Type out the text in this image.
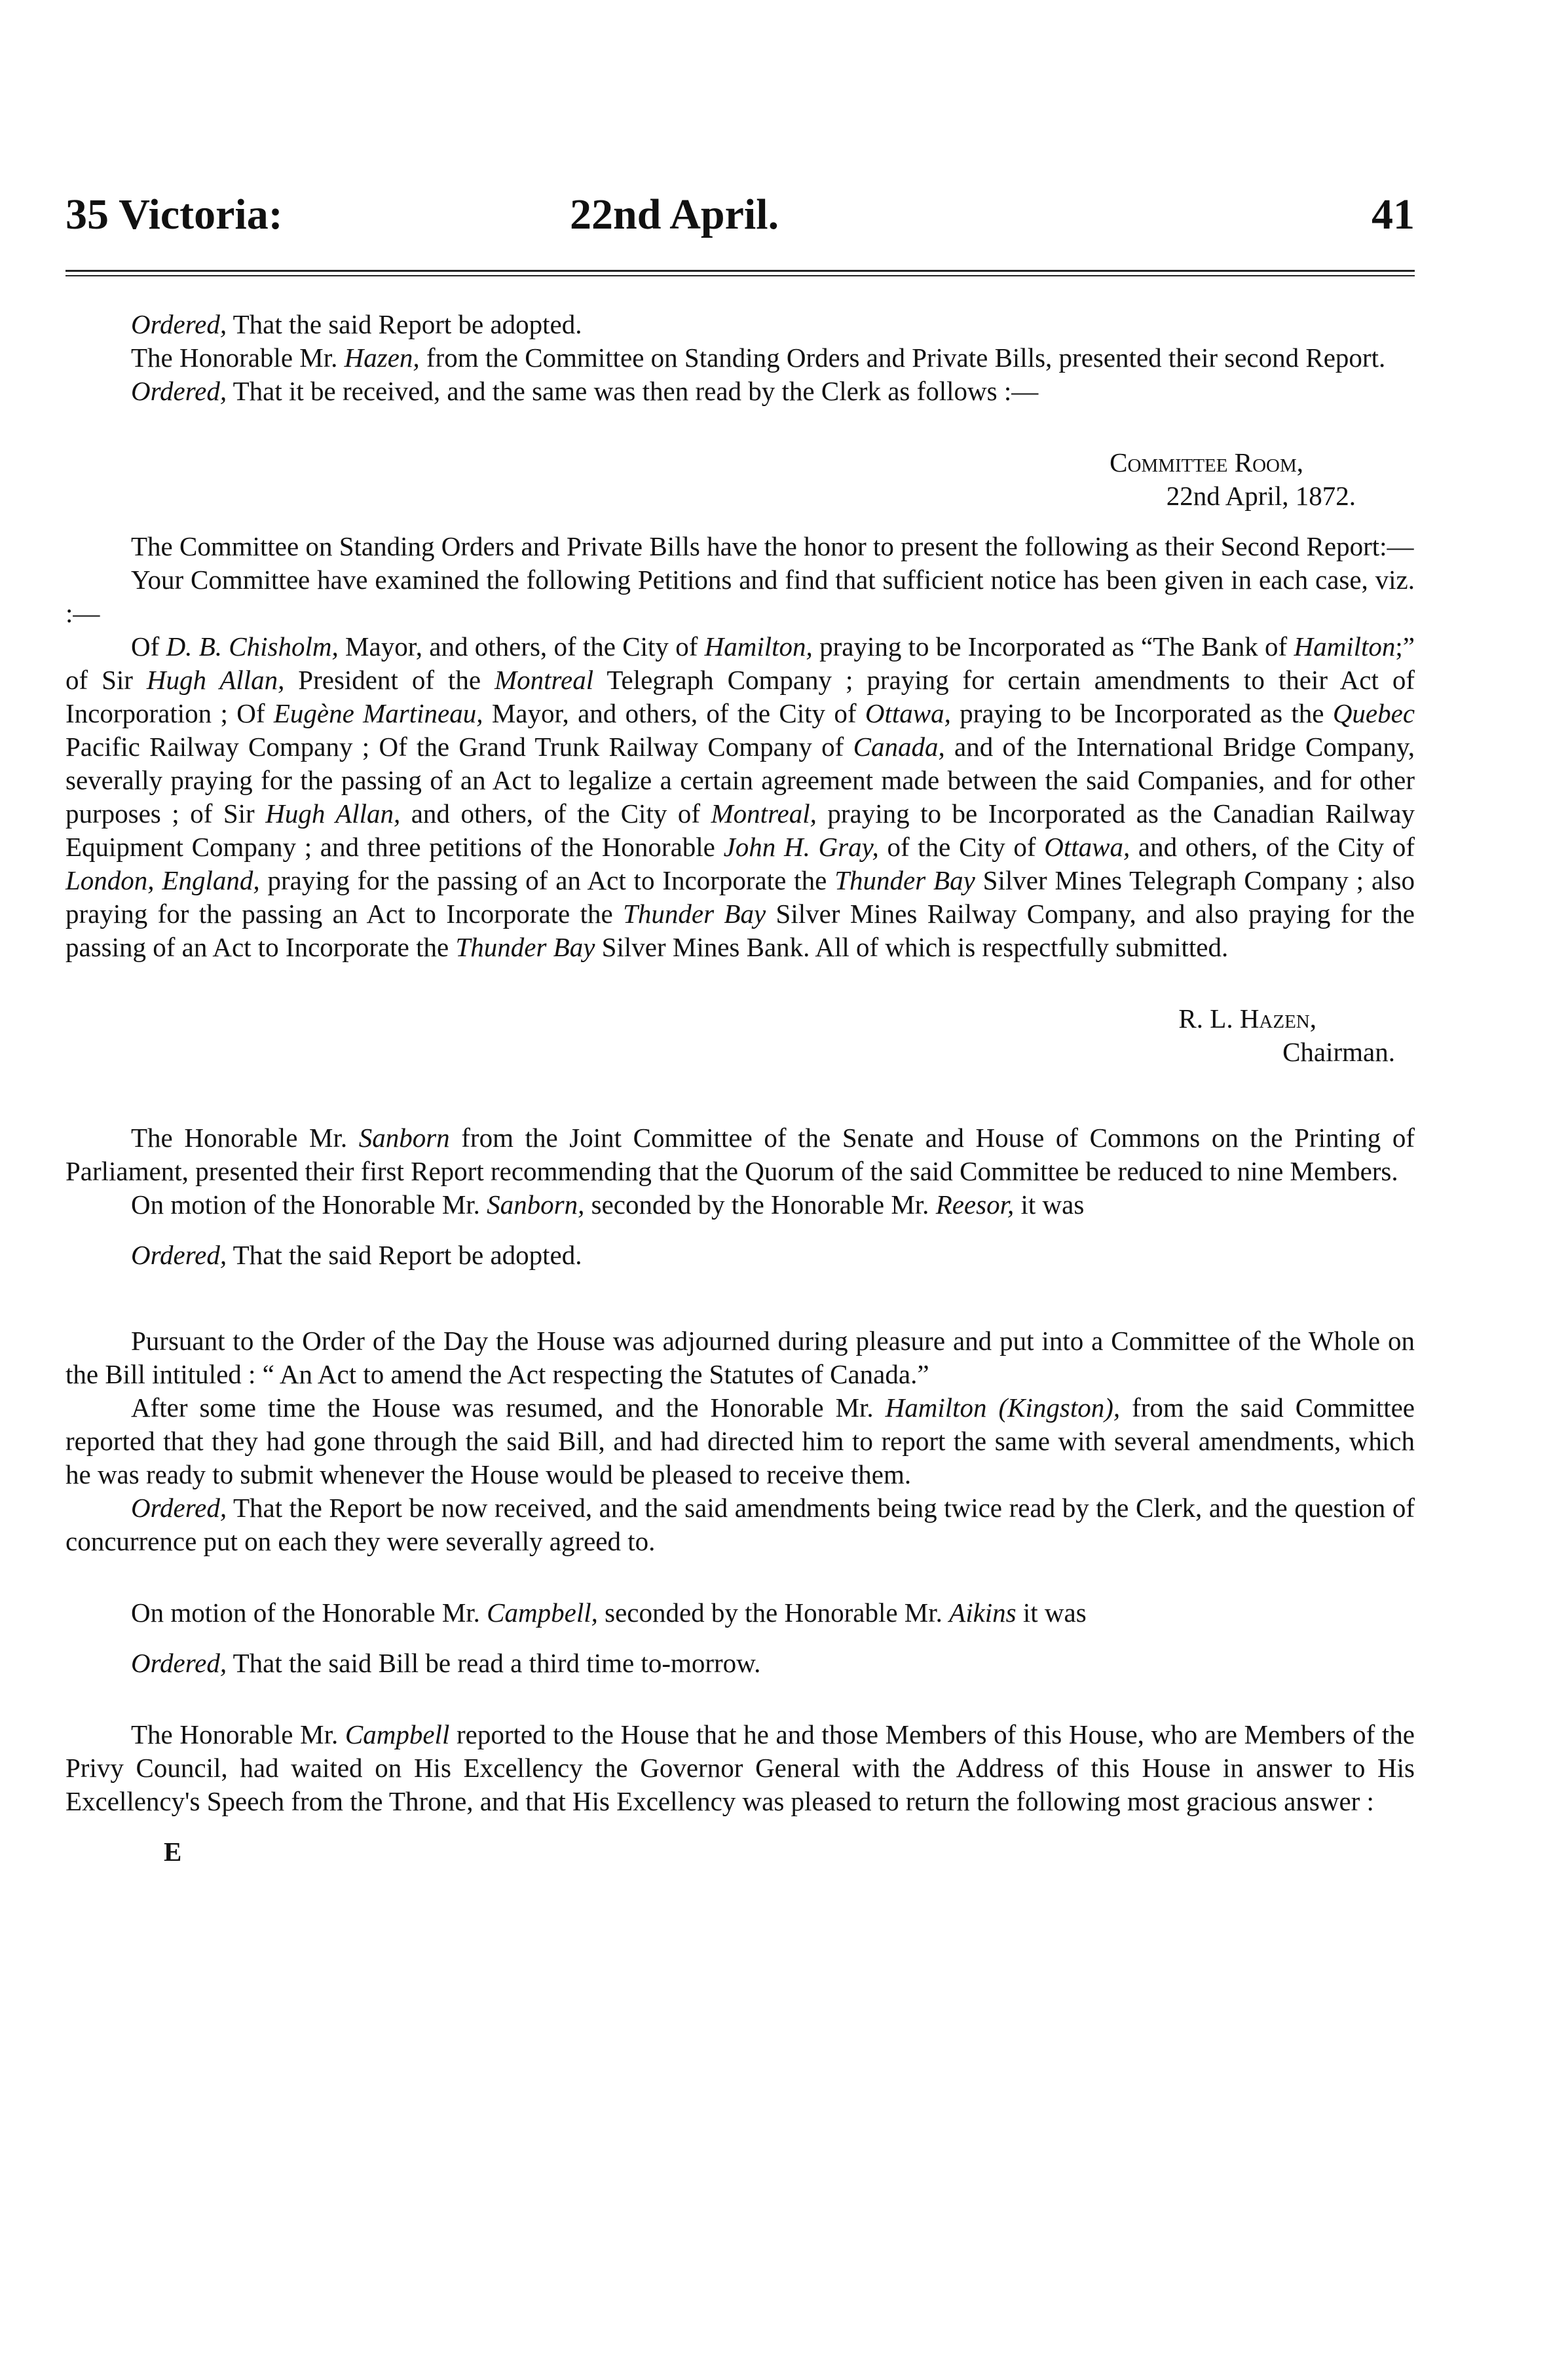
35 Victoria:	22nd April.	41

Ordered, That the said Report be adopted.

The Honorable Mr. Hazen, from the Committee on Standing Orders and Private Bills, presented their second Report.

Ordered, That it be received, and the same was then read by the Clerk as follows :—

Committee Room,

22nd April, 1872.

The Committee on Standing Orders and Private Bills have the honor to present the following as their Second Report:—

Your Committee have examined the following Petitions and find that sufficient notice has been given in each case, viz. :—

Of D. B. Chisholm, Mayor, and others, of the City of Hamilton, praying to be Incorporated as “The Bank of Hamilton;” of Sir Hugh Allan, President of the Montreal Telegraph Company ; praying for certain amendments to their Act of Incorporation ; Of Eugène Martineau, Mayor, and others, of the City of Ottawa, praying to be Incorporated as the Quebec Pacific Railway Company ; Of the Grand Trunk Railway Company of Canada, and of the International Bridge Company, severally praying for the passing of an Act to legalize a certain agreement made between the said Companies, and for other purposes ; of Sir Hugh Allan, and others, of the City of Montreal, praying to be Incorporated as the Canadian Railway Equipment Company ; and three petitions of the Honorable John H. Gray, of the City of Ottawa, and others, of the City of London, England, praying for the passing of an Act to Incorporate the Thunder Bay Silver Mines Telegraph Company ; also praying for the passing an Act to Incorporate the Thunder Bay Silver Mines Railway Company, and also praying for the passing of an Act to Incorporate the Thunder Bay Silver Mines Bank. All of which is respectfully submitted.

R. L. Hazen,

Chairman.

The Honorable Mr. Sanborn from the Joint Committee of the Senate and House of Commons on the Printing of Parliament, presented their first Report recommending that the Quorum of the said Committee be reduced to nine Members.

On motion of the Honorable Mr. Sanborn, seconded by the Honorable Mr. Reesor, it was

Ordered, That the said Report be adopted.

Pursuant to the Order of the Day the House was adjourned during pleasure and put into a Committee of the Whole on the Bill intituled : “ An Act to amend the Act respecting the Statutes of Canada.”

After some time the House was resumed, and the Honorable Mr. Hamilton (Kingston), from the said Committee reported that they had gone through the said Bill, and had directed him to report the same with several amendments, which he was ready to submit whenever the House would be pleased to receive them.

Ordered, That the Report be now received, and the said amendments being twice read by the Clerk, and the question of concurrence put on each they were severally agreed to.

On motion of the Honorable Mr. Campbell, seconded by the Honorable Mr. Aikins it was

Ordered, That the said Bill be read a third time to-morrow.

The Honorable Mr. Campbell reported to the House that he and those Members of this House, who are Members of the Privy Council, had waited on His Excellency the Governor General with the Address of this House in answer to His Excellency's Speech from the Throne, and that His Excellency was pleased to return the following most gracious answer :

E
